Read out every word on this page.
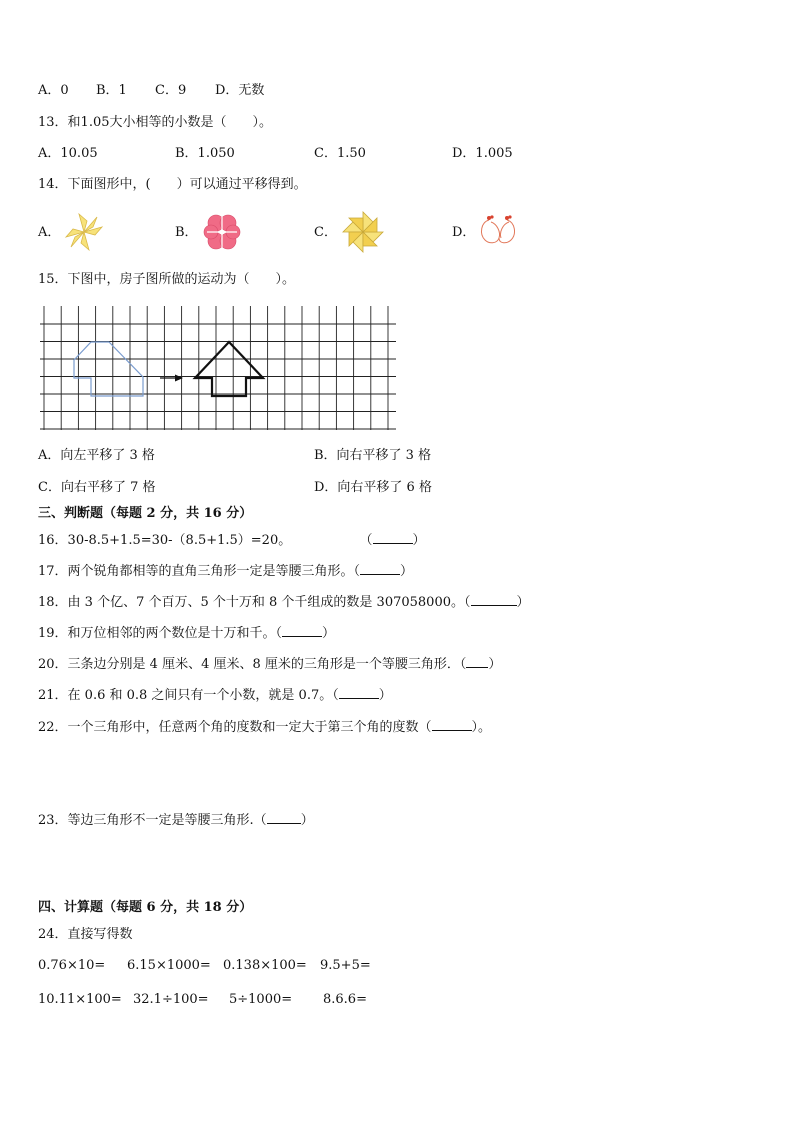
A．0 B．1 C．9 D．无数
13．和1.05大小相等的小数是（　　）。
A．10.05	B．1.050	C．1.50	D．1.005
14．下面图形中，(　　）可以通过平移得到。
A．	B．	C．	D．
15．下图中，房子图所做的运动为（　　）。
A．向左平移了 3 格	B．向右平移了 3 格
C．向右平移了 7 格	D．向右平移了 6 格
三、判断题（每题 2 分，共 16 分）
16．30-8.5+1.5=30-（8.5+1.5）=20。	（	）
17．两个锐角都相等的直角三角形一定是等腰三角形。（	）
18．由 3 个亿、7 个百万、5 个十万和 8 个千组成的数是 307058000。（	）
19．和万位相邻的两个数位是十万和千。（	）
20．三条边分别是 4 厘米、4 厘米、8 厘米的三角形是一个等腰三角形．（ ）
21．在 0.6 和 0.8 之间只有一个小数，就是 0.7。（	）
22．一个三角形中，任意两个角的度数和一定大于第三个角的度数（	）。
23．等边三角形不一定是等腰三角形.（	）
四、计算题（每题 6 分，共 18 分）
24．直接写得数
0.76×10= 6.15×1000= 0.138×100= 9.5+5=
10.11×100= 32.1÷100= 5÷1000= 8.6.6=
